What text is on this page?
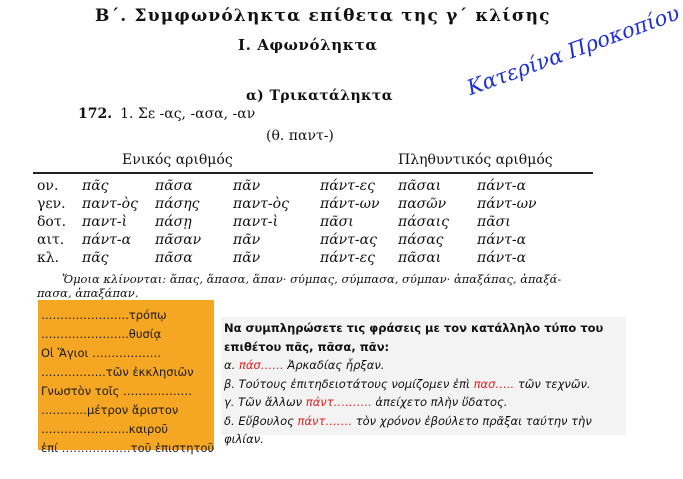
Β΄. Συμφωνόληκτα επίθετα της γ΄ κλίσης
Ι. Αφωνόληκτα	Κατερίνα Προκοπίου
α) Τρικατάληκτα
172. 1. Σε -ας, -ασα, -αν
(θ. παντ-)
Ενικός αριθμός	Πληθυντικός αριθμός
ον. πᾶς	πᾶσα	πᾶν	πάντ-ες πᾶσαι	πάντ-α
γεν. παντ-ὸς πάσης παντ-ὸς πάντ-ων πασῶν πάντ-ων
δοτ. παντ-ὶ πάσῃ	παντ-ὶ	πᾶσι	πάσαις πᾶσι
αιτ. πάντ-α πᾶσαν πᾶν	πάντ-ας πάσας πάντ-α
κλ. πᾶς	πᾶσα	πᾶν	πάντ-ες πᾶσαι	πάντ-α
Ὅμοια κλίνονται: ἅπας, ἅπασα, ἅπαν· σύμπας, σύμπασα, σύμπαν· ἁπαξάπας, ἁπαξά-
πασα, ἁπαξάπαν.
…………………..τρόπῳ
…………………..θυσίᾳ
Οἱ Ἅγιοι ………………
……………..τῶν ἐκκλησιῶν
Γνωστὸν τοῖς ………………
…………μέτρον ἄριστον
…………………..καιροῦ
ἐπί ………………τοῦ ἐπιστητοῦ
Να συμπληρώσετε τις φράσεις με τον κατάλληλο τύπο του επιθέτου πᾶς, πᾶσα, πᾶν:
α. πάσ…… Ἀρκαδίας ἦρξαν.
β. Τούτους ἐπιτηδειοτάτους νομίζομεν ἐπὶ πασ….. τῶν τεχνῶν.
γ. Τῶν ἄλλων πάντ………. ἀπείχετο πλὴν ὕδατος.
δ. Εὔβουλος πάντ……. τὸν χρόνον ἐβούλετο πρᾶξαι ταύτην τὴν φιλίαν.
